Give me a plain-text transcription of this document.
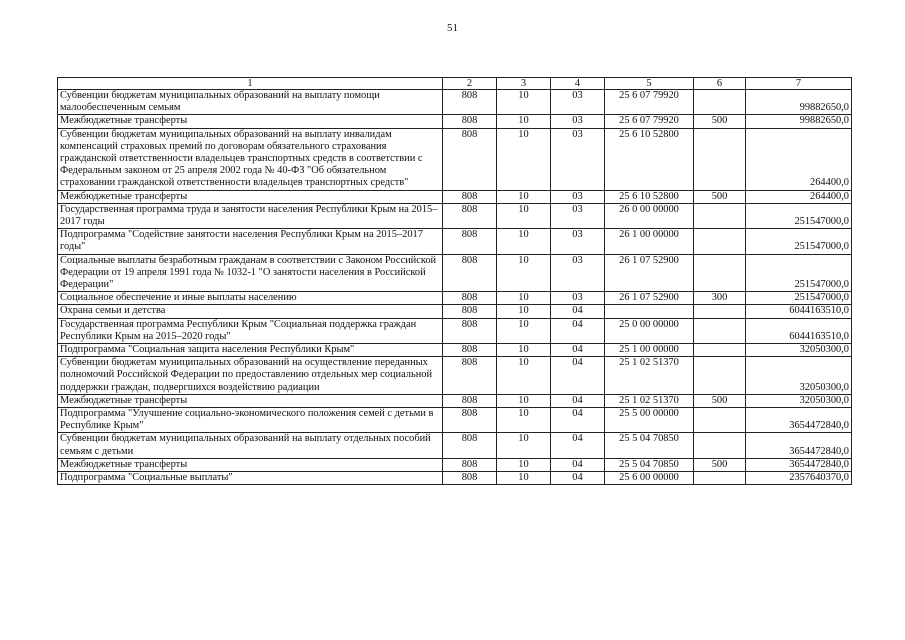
51
1	2	3	4	5	6	7
Субвенции бюджетам муниципальных образований на выплату помощи малообеспеченным семьям	808	10	03	25 6 07 79920		99882650,0
Межбюджетные трансферты	808	10	03	25 6 07 79920	500	99882650,0
Субвенции бюджетам муниципальных образований на выплату инвалидам компенсаций страховых премий по договорам обязательного страхования гражданской ответственности владельцев транспортных средств в соответствии с Федеральным законом от 25 апреля 2002 года № 40-ФЗ "Об обязательном страховании гражданской ответственности владельцев транспортных средств"	808	10	03	25 6 10 52800		264400,0
Межбюджетные трансферты	808	10	03	25 6 10 52800	500	264400,0
Государственная программа труда и занятости населения Республики Крым на 2015–2017 годы	808	10	03	26 0 00 00000		251547000,0
Подпрограмма "Содействие занятости населения Республики Крым на 2015–2017 годы"	808	10	03	26 1 00 00000		251547000,0
Социальные выплаты безработным гражданам в соответствии с Законом Российской Федерации от 19 апреля 1991 года № 1032-1 "О занятости населения в Российской Федерации"	808	10	03	26 1 07 52900		251547000,0
Социальное обеспечение и иные выплаты населению	808	10	03	26 1 07 52900	300	251547000,0
Охрана семьи и детства	808	10	04			6044163510,0
Государственная программа Республики Крым "Социальная поддержка граждан Республики Крым на 2015–2020 годы"	808	10	04	25 0 00 00000		6044163510,0
Подпрограмма "Социальная защита населения Республики Крым"	808	10	04	25 1 00 00000		32050300,0
Субвенции бюджетам муниципальных образований на осуществление переданных полномочий Российской Федерации по предоставлению отдельных мер социальной поддержки граждан, подвергшихся воздействию радиации	808	10	04	25 1 02 51370		32050300,0
Межбюджетные трансферты	808	10	04	25 1 02 51370	500	32050300,0
Подпрограмма "Улучшение социально-экономического положения семей с детьми в Республике Крым"	808	10	04	25 5 00 00000		3654472840,0
Субвенции бюджетам муниципальных образований на выплату отдельных пособий семьям с детьми	808	10	04	25 5 04 70850		3654472840,0
Межбюджетные трансферты	808	10	04	25 5 04 70850	500	3654472840,0
Подпрограмма "Социальные выплаты"	808	10	04	25 6 00 00000		2357640370,0
